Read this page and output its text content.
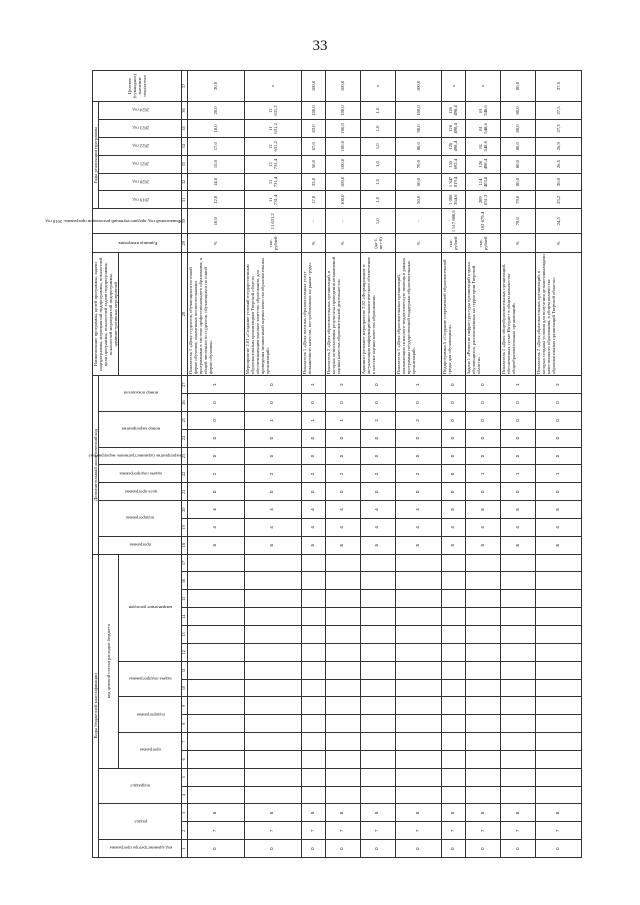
33
Коды бюджетной классификации																	Дополнительный аналитический код										Наименование программы, целей программы, задачи подпрограммы, мероприятий подпрограммы, показателей цели программы, показателей задачи подпрограммы, показателей мероприятий подпрограммы, административных мероприятий	Единица измерения	Финансовый год, предшествующий реализации программы, 2018 год	Годы реализации программы						Целевое (суммарное) значение показателя
код администратора программы	раздел		подраздел		код целевой статьи расходов бюджета												программа	подпрограмма		цель программы	задача подпрограммы	мероприятие (административное мероприятие)	номер мероприятия		номер показателя					2019 год	2020 год	2021 год	2022 год	2023 год	2024 год	
					программа		подпрограмма		задача подпрограммы		направление расходов																									
1	2	3	4	5	6	7	8	9	10	11	12	13	14	15	16	17	18	19	20	21	22	23	24	25	26	27	28	29	30	31	32	33	34	35	36	37
0	7	5															5	4	4	0	2	0	0	0	0	1	Показатель 1 «Доля студентов, обучающихся по очной форме обучения, охваченных воспитательными программами в системе профессионального образования, к общей численности студентов, обучающихся по очной форме обучения»	%	10,0	12,0	14,0	15,0	17,0	18,0	20,0	20,0
0	7	5															5	4	4	0	2	0	0	1	0	0	Мероприятие 2.01 «Создание условий государственным образовательным организациям Тверской области, обеспечивающим высокое качество образования, для проведения независимой оценки качества образовательных организаций»	тыс. рублей	11 631,2	11 731,4	11 731,4	11 731,4	11 631,2	11 631,2	11 631,2	х
0	7	5															5	4	4	0	2	0	0	1	0	1	Показатель 1 «Доля платных образовательных услуг повышенного качества, востребованных на рынке труда»	%	-	17,0	33,0	50,0	67,0	83,0	100,0	100,0
0	7	5															5	4	4	0	2	0	0	1	0	2	Показатель 2 «Доля образовательных организаций, в которых использованы результаты проведения независимой оценки качества образовательной деятельности»	%	-	100,0	100,0	100,0	100,0	100,0	100,0	100,0
0	7	5															5	4	4	0	2	0	0	2	0	0	Административное мероприятие 2.02 «Формирование и актуализация информационно-аналитического обеспечения в системе оценки качества образования»	(да-1, нет-0)	1,0	1,0	1,0	1,0	1,0	1,0	1,0	х
0	7	5															5	4	4	0	2	0	0	2	0	1	Показатель 1 «Доля образовательных организаций, оказывающих психолого-педагогическую помощь в рамках программы государственной поддержки образовательных организаций»	%	-	50,0	60,0	70,0	80,0	90,0	100,0	100,0
0	7	5															5	4	5	0	0	0	0	0	0	0	Подпрограмма 5 «Создание современной образовательной среды для обучающихся»	тыс. рублей	1 517 888,6	1 086 364,6	1 347 819,4	155 692,4	126 498,4	126 498,4	126 498,4	х
0	7	5															5	4	5	0	1	0	0	0	0	0	Задача 1 «Развитие инфраструктуры организаций отдыха обучающихся, расположенных на территории Тверской области»	тыс. рублей	162 679,4	209 051,3	114 403,8	126 498,4	81 548,6	81 548,6	81 548,6	х
0	7	5															5	4	5	0	1	0	0	0	0	1	Показатель 1 «Доля общеобразовательных организаций, обеспеченных сетью Интернет в общем количестве общеобразовательных организаций»	%	78,0	79,0	80,0	80,0	80,0	80,0	80,0	80,0
0	7	5															5	4	5	0	1	0	0	0	0	2	Показатель 2 «Доля образовательных организаций, в которых созданы условия для получения детьми-инвалидами качественного образования, в общем количестве образовательных организаций Тверской области»	%	24,5	25,2	26,0	26,5	26,9	27,3	27,5	27,5
